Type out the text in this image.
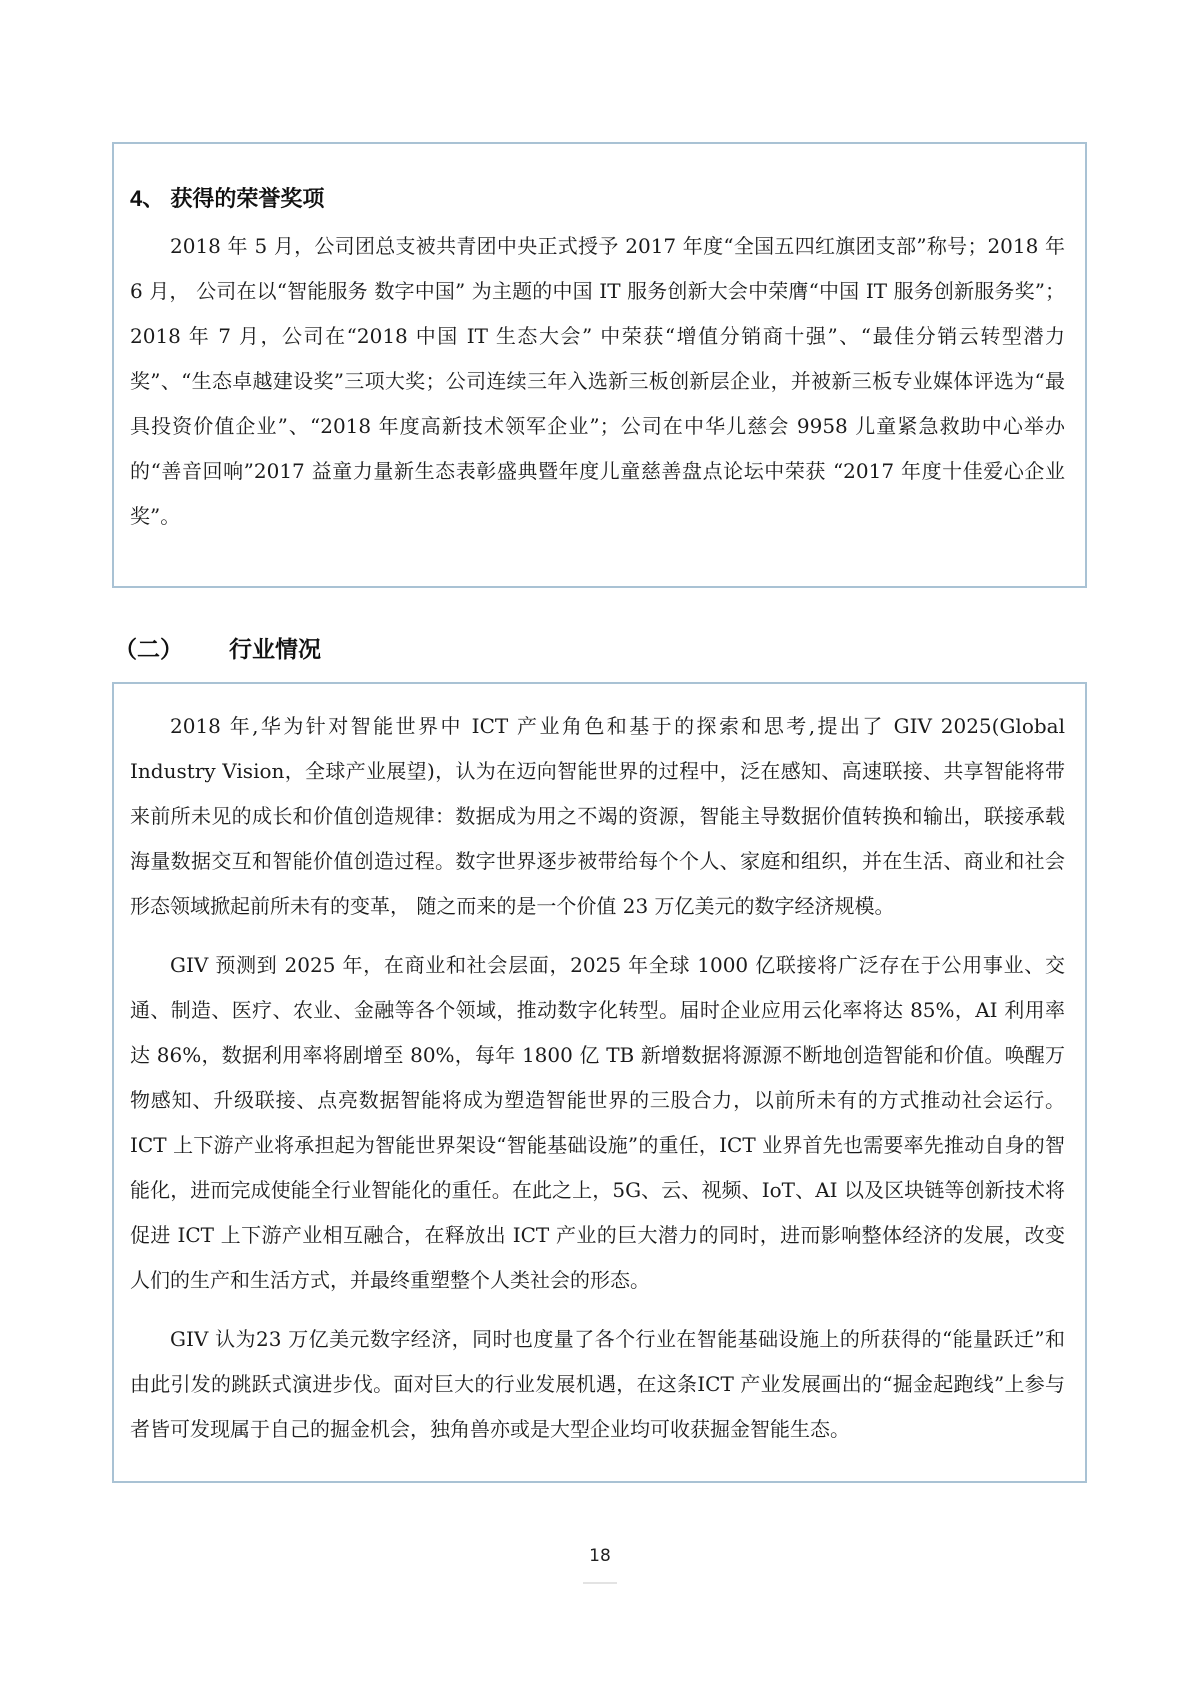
4、 获得的荣誉奖项

2018 年 5 月，公司团总支被共青团中央正式授予 2017 年度“全国五四红旗团支部”称号；2018 年 6 月， 公司在以“智能服务 数字中国” 为主题的中国 IT 服务创新大会中荣膺“中国 IT 服务创新服务奖”；2018 年 7 月，公司在“2018 中国 IT 生态大会” 中荣获“增值分销商十强”、“最佳分销云转型潜力奖”、“生态卓越建设奖”三项大奖；公司连续三年入选新三板创新层企业，并被新三板专业媒体评选为“最具投资价值企业”、“2018 年度高新技术领军企业”；公司在中华儿慈会 9958 儿童紧急救助中心举办的“善音回响”2017 益童力量新生态表彰盛典暨年度儿童慈善盘点论坛中荣获 “2017 年度十佳爱心企业奖”。

（二） 行业情况

2018 年,华为针对智能世界中 ICT 产业角色和基于的探索和思考,提出了 GIV 2025(Global Industry Vision，全球产业展望)，认为在迈向智能世界的过程中，泛在感知、高速联接、共享智能将带来前所未见的成长和价值创造规律：数据成为用之不竭的资源，智能主导数据价值转换和输出，联接承载海量数据交互和智能价值创造过程。数字世界逐步被带给每个个人、家庭和组织，并在生活、商业和社会形态领域掀起前所未有的变革， 随之而来的是一个价值 23 万亿美元的数字经济规模。

GIV 预测到 2025 年，在商业和社会层面，2025 年全球 1000 亿联接将广泛存在于公用事业、交通、制造、医疗、农业、金融等各个领域，推动数字化转型。届时企业应用云化率将达 85%，AI 利用率达 86%，数据利用率将剧增至 80%，每年 1800 亿 TB 新增数据将源源不断地创造智能和价值。唤醒万物感知、升级联接、点亮数据智能将成为塑造智能世界的三股合力，以前所未有的方式推动社会运行。ICT 上下游产业将承担起为智能世界架设“智能基础设施”的重任，ICT 业界首先也需要率先推动自身的智能化，进而完成使能全行业智能化的重任。在此之上，5G、云、视频、IoT、AI 以及区块链等创新技术将促进 ICT 上下游产业相互融合，在释放出 ICT 产业的巨大潜力的同时，进而影响整体经济的发展，改变人们的生产和生活方式，并最终重塑整个人类社会的形态。

GIV 认为23 万亿美元数字经济，同时也度量了各个行业在智能基础设施上的所获得的“能量跃迁”和由此引发的跳跃式演进步伐。面对巨大的行业发展机遇，在这条ICT 产业发展画出的“掘金起跑线”上参与者皆可发现属于自己的掘金机会，独角兽亦或是大型企业均可收获掘金智能生态。

18
